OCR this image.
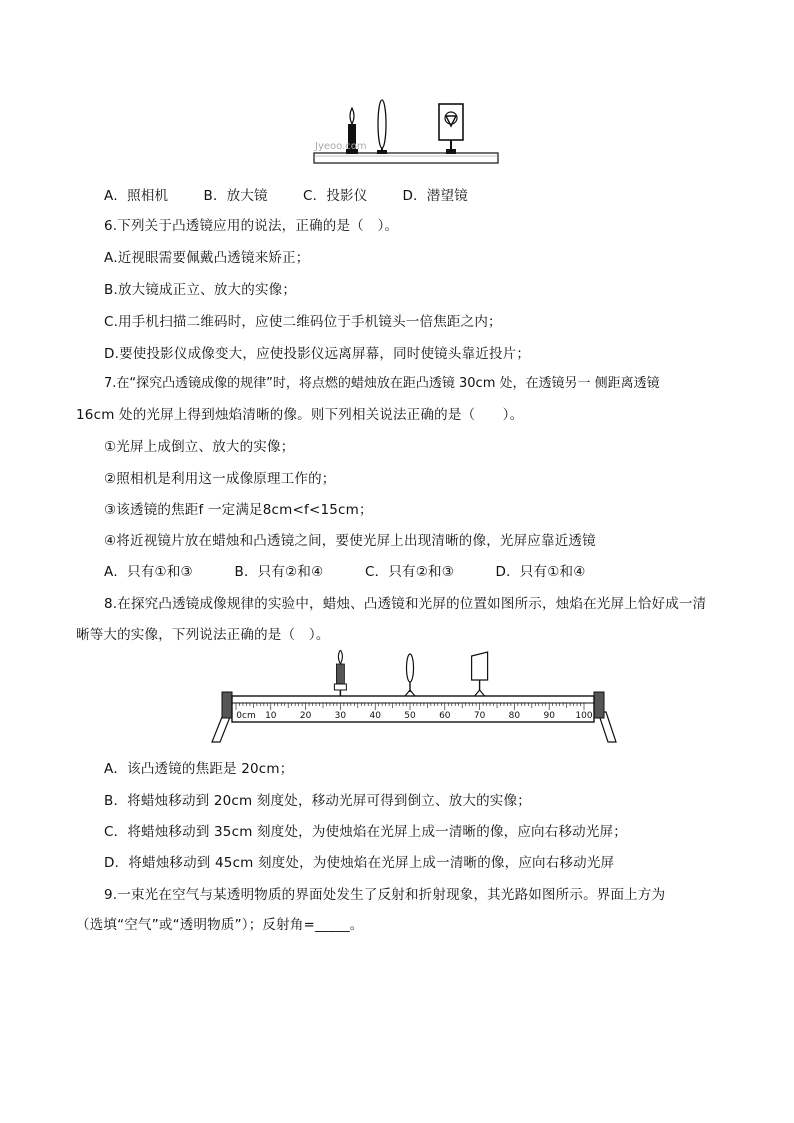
Jyeoo.com
A．照相机	B．放大镜	C．投影仪	D．潜望镜
6.下列关于凸透镜应用的说法，正确的是（　）。
A.近视眼需要佩戴凸透镜来矫正；
B.放大镜成正立、放大的实像；
C.用手机扫描二维码时，应使二维码位于手机镜头一倍焦距之内；
D.要使投影仪成像变大，应使投影仪远离屏幕，同时使镜头靠近投片；
7.在“探究凸透镜成像的规律”时，将点燃的蜡烛放在距凸透镜 30cm 处，在透镜另一 侧距离透镜
16cm 处的光屏上得到烛焰清晰的像。则下列相关说法正确的是（　　）。
①光屏上成倒立、放大的实像；
②照相机是利用这一成像原理工作的；
③该透镜的焦距f 一定满足8cm<f<15cm；
④将近视镜片放在蜡烛和凸透镜之间，要使光屏上出现清晰的像，光屏应靠近透镜
A．只有①和③	B．只有②和④	C．只有②和③	D．只有①和④
8.在探究凸透镜成像规律的实验中，蜡烛、凸透镜和光屏的位置如图所示，烛焰在光屏上恰好成一清
晰等大的实像，下列说法正确的是（　）。
0cm 10	20	30	40	50	60	70	80	90 100
A．该凸透镜的焦距是 20cm；
B．将蜡烛移动到 20cm 刻度处，移动光屏可得到倒立、放大的实像；
C．将蜡烛移动到 35cm 刻度处，为使烛焰在光屏上成一清晰的像，应向右移动光屏；
D．将蜡烛移动到 45cm 刻度处，为使烛焰在光屏上成一清晰的像，应向右移动光屏
9.一束光在空气与某透明物质的界面处发生了反射和折射现象，其光路如图所示。界面上方为
（选填“空气”或“透明物质”）；反射角=_____。
